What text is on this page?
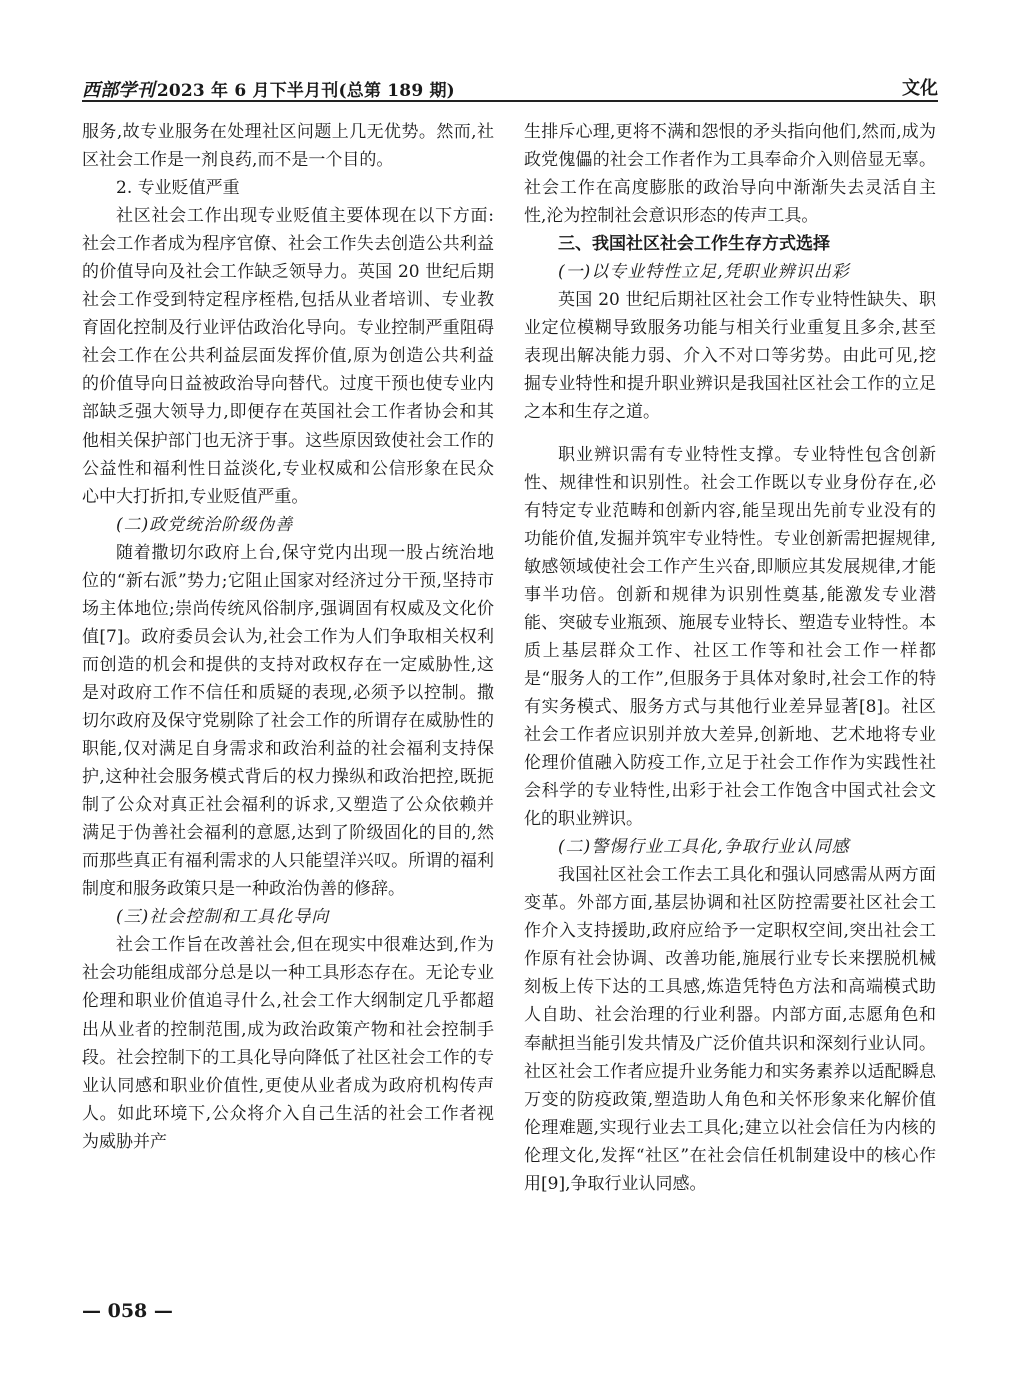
西部学刊 2023 年 6 月下半月刊(总第 189 期)	文化

服务,故专业服务在处理社区问题上几无优势。然而,社区社会工作是一剂良药,而不是一个目的。

2. 专业贬值严重

社区社会工作出现专业贬值主要体现在以下方面:社会工作者成为程序官僚、社会工作失去创造公共利益的价值导向及社会工作缺乏领导力。英国 20 世纪后期社会工作受到特定程序桎梏,包括从业者培训、专业教育固化控制及行业评估政治化导向。专业控制严重阻碍社会工作在公共利益层面发挥价值,原为创造公共利益的价值导向日益被政治导向替代。过度干预也使专业内部缺乏强大领导力,即便存在英国社会工作者协会和其他相关保护部门也无济于事。这些原因致使社会工作的公益性和福利性日益淡化,专业权威和公信形象在民众心中大打折扣,专业贬值严重。

(二)政党统治阶级伪善

随着撒切尔政府上台,保守党内出现一股占统治地位的“新右派”势力;它阻止国家对经济过分干预,坚持市场主体地位;崇尚传统风俗制序,强调固有权威及文化价值[7]。政府委员会认为,社会工作为人们争取相关权利而创造的机会和提供的支持对政权存在一定威胁性,这是对政府工作不信任和质疑的表现,必须予以控制。撒切尔政府及保守党剔除了社会工作的所谓存在威胁性的职能,仅对满足自身需求和政治利益的社会福利支持保护,这种社会服务模式背后的权力操纵和政治把控,既扼制了公众对真正社会福利的诉求,又塑造了公众依赖并满足于伪善社会福利的意愿,达到了阶级固化的目的,然而那些真正有福利需求的人只能望洋兴叹。所谓的福利制度和服务政策只是一种政治伪善的修辞。

(三)社会控制和工具化导向

社会工作旨在改善社会,但在现实中很难达到,作为社会功能组成部分总是以一种工具形态存在。无论专业伦理和职业价值追寻什么,社会工作大纲制定几乎都超出从业者的控制范围,成为政治政策产物和社会控制手段。社会控制下的工具化导向降低了社区社会工作的专业认同感和职业价值性,更使从业者成为政府机构传声人。如此环境下,公众将介入自己生活的社会工作者视为威胁并产

生排斥心理,更将不满和怨恨的矛头指向他们,然而,成为政党傀儡的社会工作者作为工具奉命介入则倍显无辜。社会工作在高度膨胀的政治导向中渐渐失去灵活自主性,沦为控制社会意识形态的传声工具。

三、我国社区社会工作生存方式选择
(一)以专业特性立足,凭职业辨识出彩

英国 20 世纪后期社区社会工作专业特性缺失、职业定位模糊导致服务功能与相关行业重复且多余,甚至表现出解决能力弱、介入不对口等劣势。由此可见,挖掘专业特性和提升职业辨识是我国社区社会工作的立足之本和生存之道。

职业辨识需有专业特性支撑。专业特性包含创新性、规律性和识别性。社会工作既以专业身份存在,必有特定专业范畴和创新内容,能呈现出先前专业没有的功能价值,发掘并筑牢专业特性。专业创新需把握规律,敏感领域使社会工作产生兴奋,即顺应其发展规律,才能事半功倍。创新和规律为识别性奠基,能激发专业潜能、突破专业瓶颈、施展专业特长、塑造专业特性。本质上基层群众工作、社区工作等和社会工作一样都是“服务人的工作”,但服务于具体对象时,社会工作的特有实务模式、服务方式与其他行业差异显著[8]。社区社会工作者应识别并放大差异,创新地、艺术地将专业伦理价值融入防疫工作,立足于社会工作作为实践性社会科学的专业特性,出彩于社会工作饱含中国式社会文化的职业辨识。

(二)警惕行业工具化,争取行业认同感

我国社区社会工作去工具化和强认同感需从两方面变革。外部方面,基层协调和社区防控需要社区社会工作介入支持援助,政府应给予一定职权空间,突出社会工作原有社会协调、改善功能,施展行业专长来摆脱机械刻板上传下达的工具感,炼造凭特色方法和高端模式助人自助、社会治理的行业利器。内部方面,志愿角色和奉献担当能引发共情及广泛价值共识和深刻行业认同。社区社会工作者应提升业务能力和实务素养以适配瞬息万变的防疫政策,塑造助人角色和关怀形象来化解价值伦理难题,实现行业去工具化;建立以社会信任为内核的伦理文化,发挥“社区”在社会信任机制建设中的核心作用[9],争取行业认同感。

— 058 —
